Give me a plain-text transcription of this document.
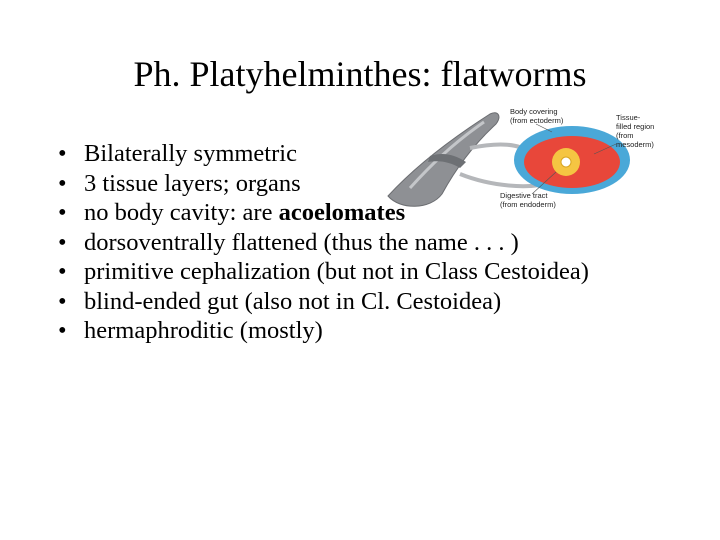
Ph. Platyhelminthes: flatworms
Body covering (from ectoderm)	Tissue- filled region (from mesoderm)
Digestive tract (from endoderm)
• Bilaterally symmetric
• 3 tissue layers; organs
• no body cavity: are acoelomates
• dorsoventrally flattened (thus the name . . . )
• primitive cephalization (but not in Class Cestoidea)
• blind-ended gut (also not in Cl. Cestoidea)
• hermaphroditic (mostly)
